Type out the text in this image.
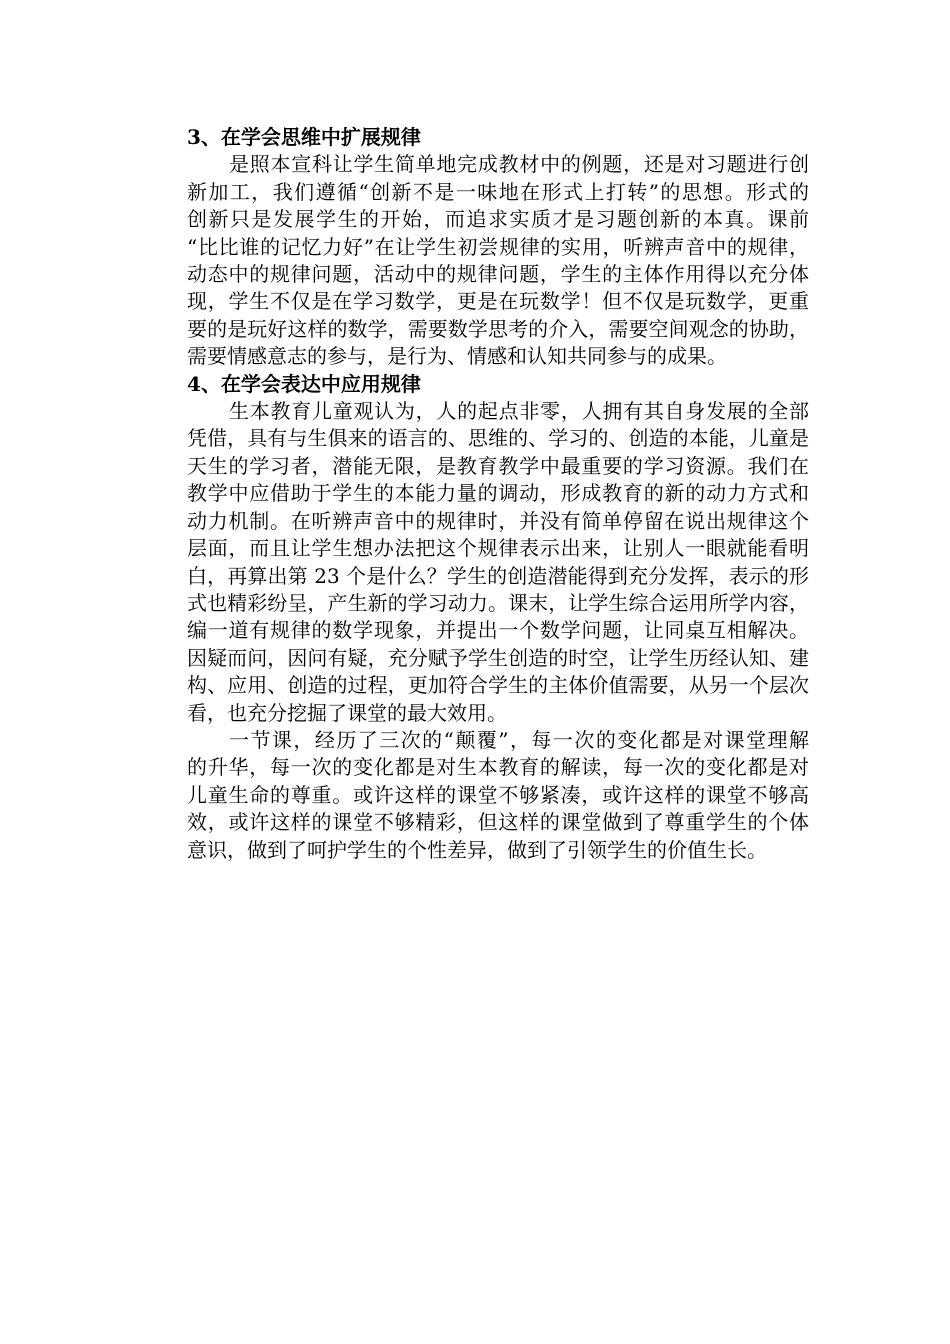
3、在学会思维中扩展规律
是照本宣科让学生简单地完成教材中的例题，还是对习题进行创
新加工，我们遵循“创新不是一味地在形式上打转”的思想。形式的
创新只是发展学生的开始，而追求实质才是习题创新的本真。课前
“比比谁的记忆力好”在让学生初尝规律的实用，听辨声音中的规律，
动态中的规律问题，活动中的规律问题，学生的主体作用得以充分体
现，学生不仅是在学习数学，更是在玩数学！但不仅是玩数学，更重
要的是玩好这样的数学，需要数学思考的介入，需要空间观念的协助，
需要情感意志的参与，是行为、情感和认知共同参与的成果。
4、在学会表达中应用规律
生本教育儿童观认为，人的起点非零，人拥有其自身发展的全部
凭借，具有与生俱来的语言的、思维的、学习的、创造的本能，儿童是
天生的学习者，潜能无限，是教育教学中最重要的学习资源。我们在
教学中应借助于学生的本能力量的调动，形成教育的新的动力方式和
动力机制。在听辨声音中的规律时，并没有简单停留在说出规律这个
层面，而且让学生想办法把这个规律表示出来，让别人一眼就能看明
白，再算出第 23 个是什么？学生的创造潜能得到充分发挥，表示的形
式也精彩纷呈，产生新的学习动力。课末，让学生综合运用所学内容，
编一道有规律的数学现象，并提出一个数学问题，让同桌互相解决。
因疑而问，因问有疑，充分赋予学生创造的时空，让学生历经认知、建
构、应用、创造的过程，更加符合学生的主体价值需要，从另一个层次
看，也充分挖掘了课堂的最大效用。
一节课，经历了三次的“颠覆”，每一次的变化都是对课堂理解
的升华，每一次的变化都是对生本教育的解读，每一次的变化都是对
儿童生命的尊重。或许这样的课堂不够紧凑，或许这样的课堂不够高
效，或许这样的课堂不够精彩，但这样的课堂做到了尊重学生的个体
意识，做到了呵护学生的个性差异，做到了引领学生的价值生长。
